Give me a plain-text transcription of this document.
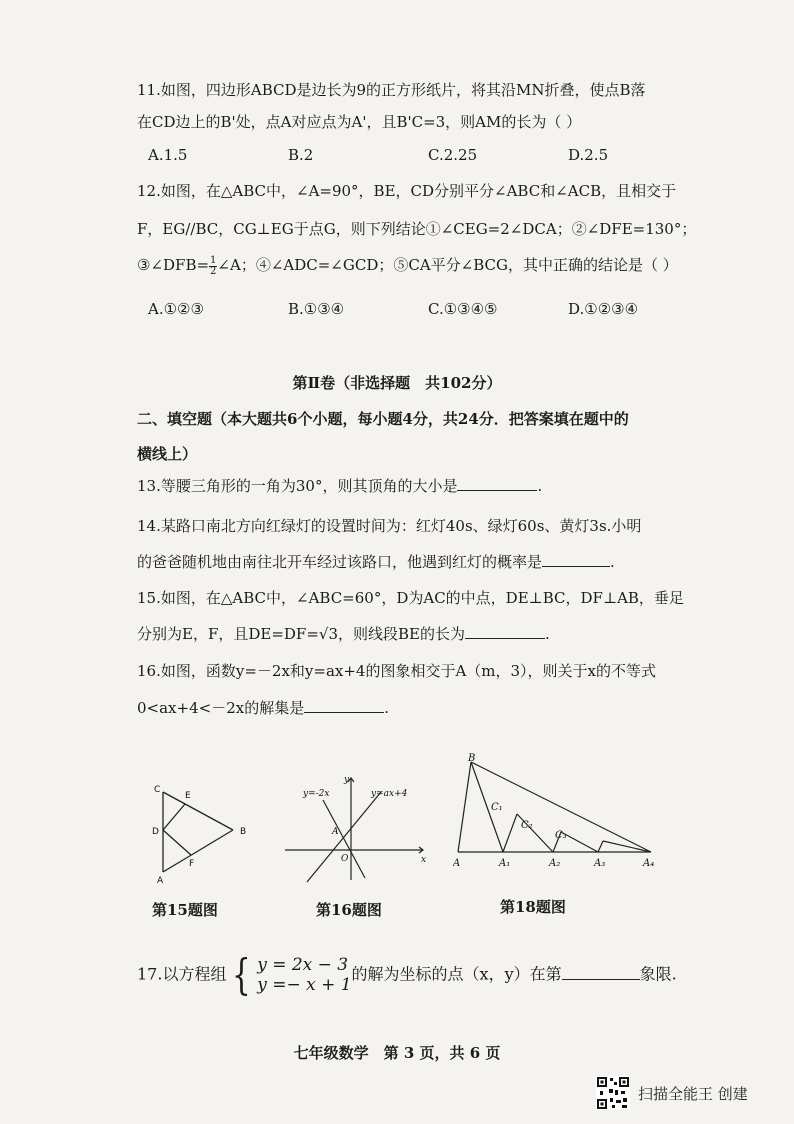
11.如图，四边形ABCD是边长为9的正方形纸片，将其沿MN折叠，使点B落
在CD边上的B'处，点A对应点为A'，且B'C=3，则AM的长为（ ）
A.1.5	B.2	C.2.25	D.2.5
12.如图，在△ABC中，∠A=90°，BE，CD分别平分∠ABC和∠ACB，且相交于
F，EG//BC，CG⊥EG于点G，则下列结论①∠CEG=2∠DCA；②∠DFE=130°；
③∠DFB= $\frac{1}{2}$ ∠A；④∠ADC=∠GCD；⑤CA平分∠BCG，其中正确的结论是（ ）
A.①②③	B.①③④	C.①③④⑤	D.①②③④
第Ⅱ卷（非选择题　共102分）
二、填空题（本大题共6个小题，每小题4分，共24分．把答案填在题中的
横线上）
13.等腰三角形的一角为30°，则其顶角的大小是	.
14.某路口南北方向红绿灯的设置时间为：红灯40s、绿灯60s、黄灯3s.小明
的爸爸随机地由南往北开车经过该路口，他遇到红灯的概率是	.
15.如图，在△ABC中，∠ABC=60°，D为AC的中点，DE⊥BC，DF⊥AB，垂足
分别为E，F，且DE=DF=√3，则线段BE的长为	.
16.如图，函数y=－2x和y=ax+4的图象相交于A（m，3），则关于x的不等式
0<ax+4<－2x的解集是	.
C
E
D	B
F
A
第15题图
y=-2x
y
y=ax+4
A
O	x
第16题图
B
C₁
C₂
C₃
A	A₁	A₂	A₃	A₄
第18题图
17.以方程组 { y = 2x − 3
y =− x + 1
的解为坐标的点（x，y）在第	象限.
七年级数学　第 3 页，共 6 页
扫描全能王 创建
